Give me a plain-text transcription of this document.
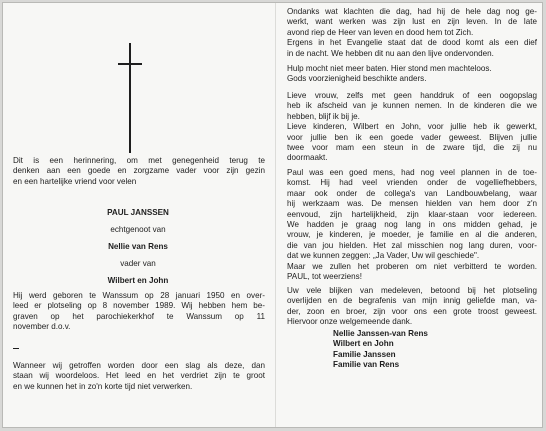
Dit is een herinnering, om met genegenheid terug te
denken aan een goede en zorgzame vader voor zijn gezin
en een hartelijke vriend voor velen
PAUL JANSSEN
echtgenoot van
Nellie van Rens
vader van
Wilbert en John
Hij werd geboren te Wanssum op 28 januari 1950 en over-
leed er plotseling op 8 november 1989. Wij hebben hem be-
graven op het parochiekerkhof te Wanssum op 11
november d.o.v.
Wanneer wij getroffen worden door een slag als deze, dan
staan wij woordeloos. Het leed en het verdriet zijn te groot
en we kunnen het in zo'n korte tijd niet verwerken.
Ondanks wat klachten die dag, had hij de hele dag nog ge-
werkt, want werken was zijn lust en zijn leven. In de late
avond riep de Heer van leven en dood hem tot Zich.
Ergens in het Evangelie staat dat de dood komt als een dief
in de nacht. We hebben dit nu aan den lijve ondervonden.
Hulp mocht niet meer baten. Hier stond men machteloos.
Gods voorzienigheid beschikte anders.
Lieve vrouw, zelfs met geen handdruk of een oogopslag
heb ik afscheid van je kunnen nemen. In de kinderen die we
hebben, blijf ik bij je.
Lieve kinderen, Wilbert en John, voor jullie heb ik gewerkt,
voor jullie ben ik een goede vader geweest. Blijven jullie
twee voor mam een steun in de zware tijd, die zij nu
doormaakt.
Paul was een goed mens, had nog veel plannen in de toe-
komst. Hij had veel vrienden onder de vogelliefhebbers,
maar ook onder de collega's van Landbouwbelang, waar
hij werkzaam was. De mensen hielden van hem door z'n
eenvoud, zijn hartelijkheid, zijn klaar-staan voor iedereen.
We hadden je graag nog lang in ons midden gehad, je
vrouw, je kinderen, je moeder, je familie en al die anderen,
die van jou hielden. Het zal misschien nog lang duren, voor-
dat we kunnen zeggen: „Ja Vader, Uw wil geschiede".
Maar we zullen het proberen om niet verbitterd te worden.
PAUL, tot weerziens!
Uw vele blijken van medeleven, betoond bij het plotseling
overlijden en de begrafenis van mijn innig geliefde man, va-
der, zoon en broer, zijn voor ons een grote troost geweest.
Hiervoor onze welgemeende dank.
Nellie Janssen-van Rens
Wilbert en John
Familie Janssen
Familie van Rens
